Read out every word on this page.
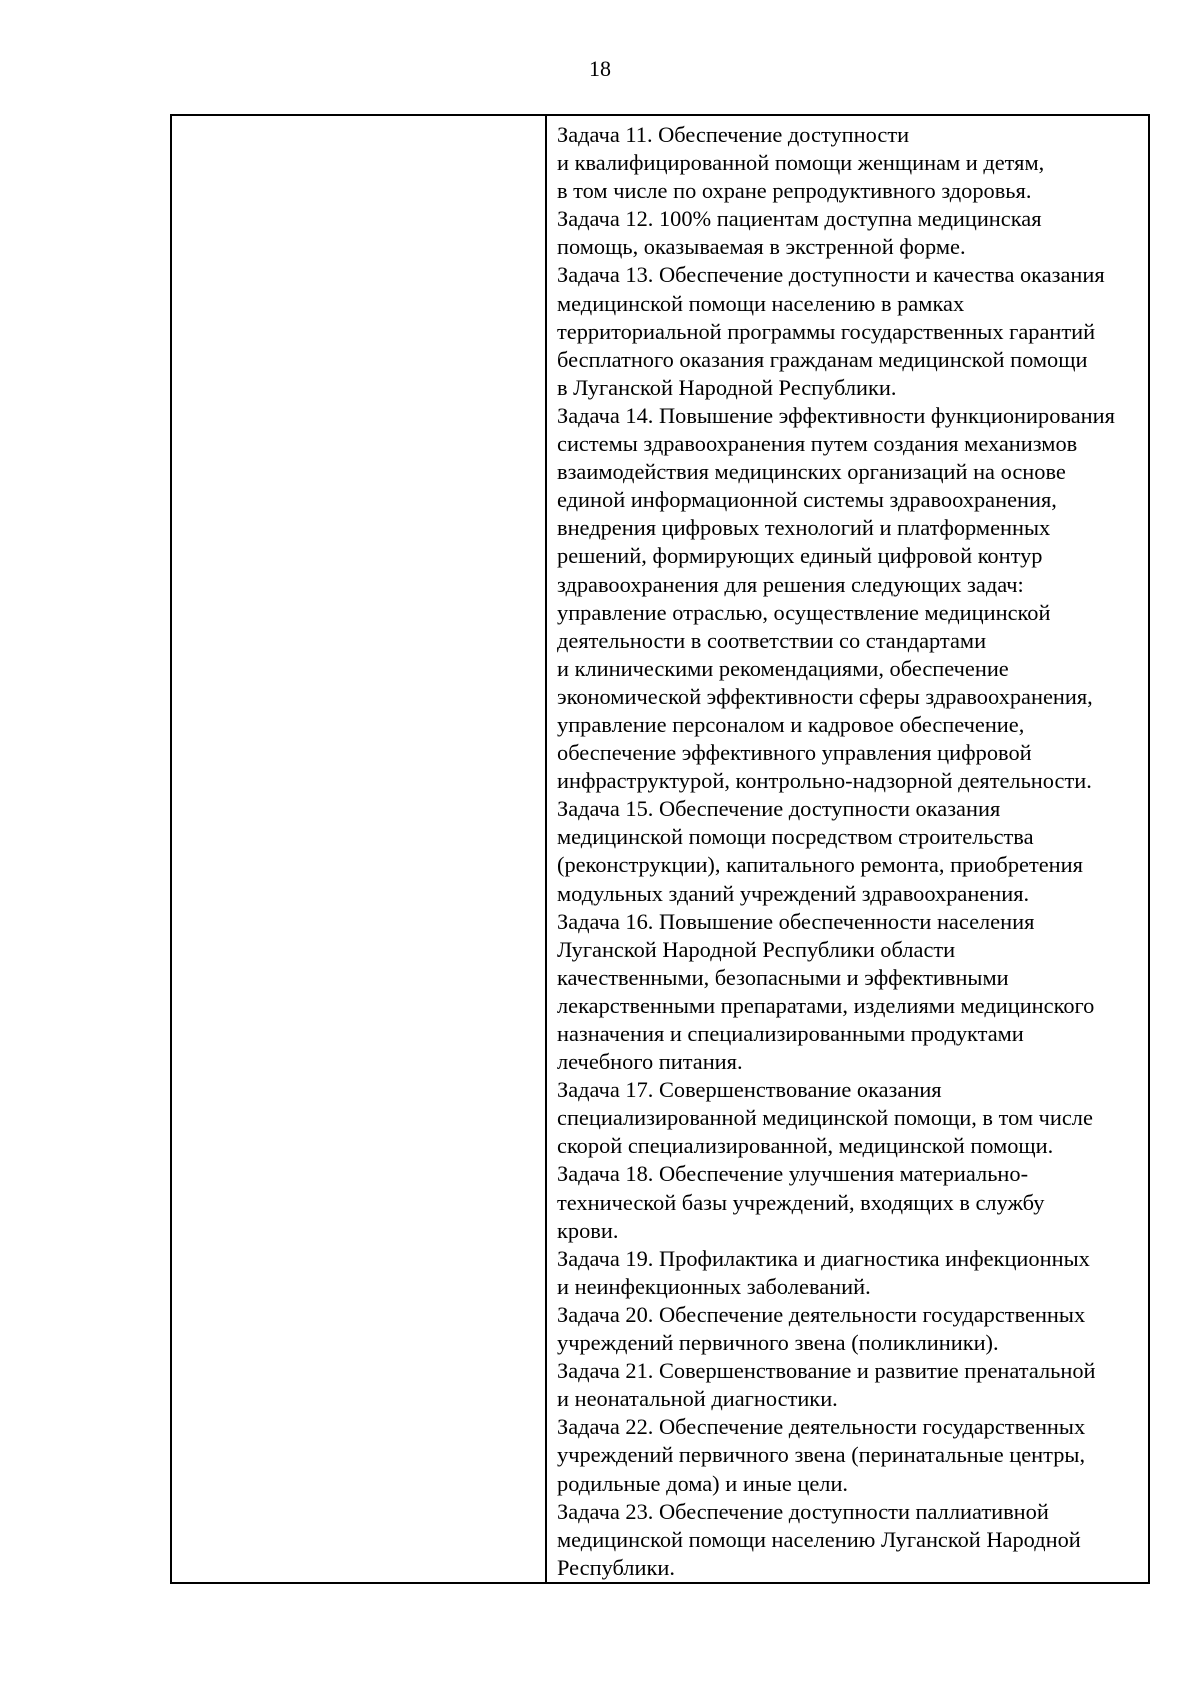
18

Задача 11. Обеспечение доступности
и квалифицированной помощи женщинам и детям,
в том числе по охране репродуктивного здоровья.
Задача 12. 100% пациентам доступна медицинская
помощь, оказываемая в экстренной форме.
Задача 13. Обеспечение доступности и качества оказания
медицинской помощи населению в рамках
территориальной программы государственных гарантий
бесплатного оказания гражданам медицинской помощи
в Луганской Народной Республики.
Задача 14. Повышение эффективности функционирования
системы здравоохранения путем создания механизмов
взаимодействия медицинских организаций на основе
единой информационной системы здравоохранения,
внедрения цифровых технологий и платформенных
решений, формирующих единый цифровой контур
здравоохранения для решения следующих задач:
управление отраслью, осуществление медицинской
деятельности в соответствии со стандартами
и клиническими рекомендациями, обеспечение
экономической эффективности сферы здравоохранения,
управление персоналом и кадровое обеспечение,
обеспечение эффективного управления цифровой
инфраструктурой, контрольно-надзорной деятельности.
Задача 15. Обеспечение доступности оказания
медицинской помощи посредством строительства
(реконструкции), капитального ремонта, приобретения
модульных зданий учреждений здравоохранения.
Задача 16. Повышение обеспеченности населения
Луганской Народной Республики области
качественными, безопасными и эффективными
лекарственными препаратами, изделиями медицинского
назначения и специализированными продуктами
лечебного питания.
Задача 17. Совершенствование оказания
специализированной медицинской помощи, в том числе
скорой специализированной, медицинской помощи.
Задача 18. Обеспечение улучшения материально-
технической базы учреждений, входящих в службу
крови.
Задача 19. Профилактика и диагностика инфекционных
и неинфекционных заболеваний.
Задача 20. Обеспечение деятельности государственных
учреждений первичного звена (поликлиники).
Задача 21. Совершенствование и развитие пренатальной
и неонатальной диагностики.
Задача 22. Обеспечение деятельности государственных
учреждений первичного звена (перинатальные центры,
родильные дома) и иные цели.
Задача 23. Обеспечение доступности паллиативной
медицинской помощи населению Луганской Народной
Республики.
